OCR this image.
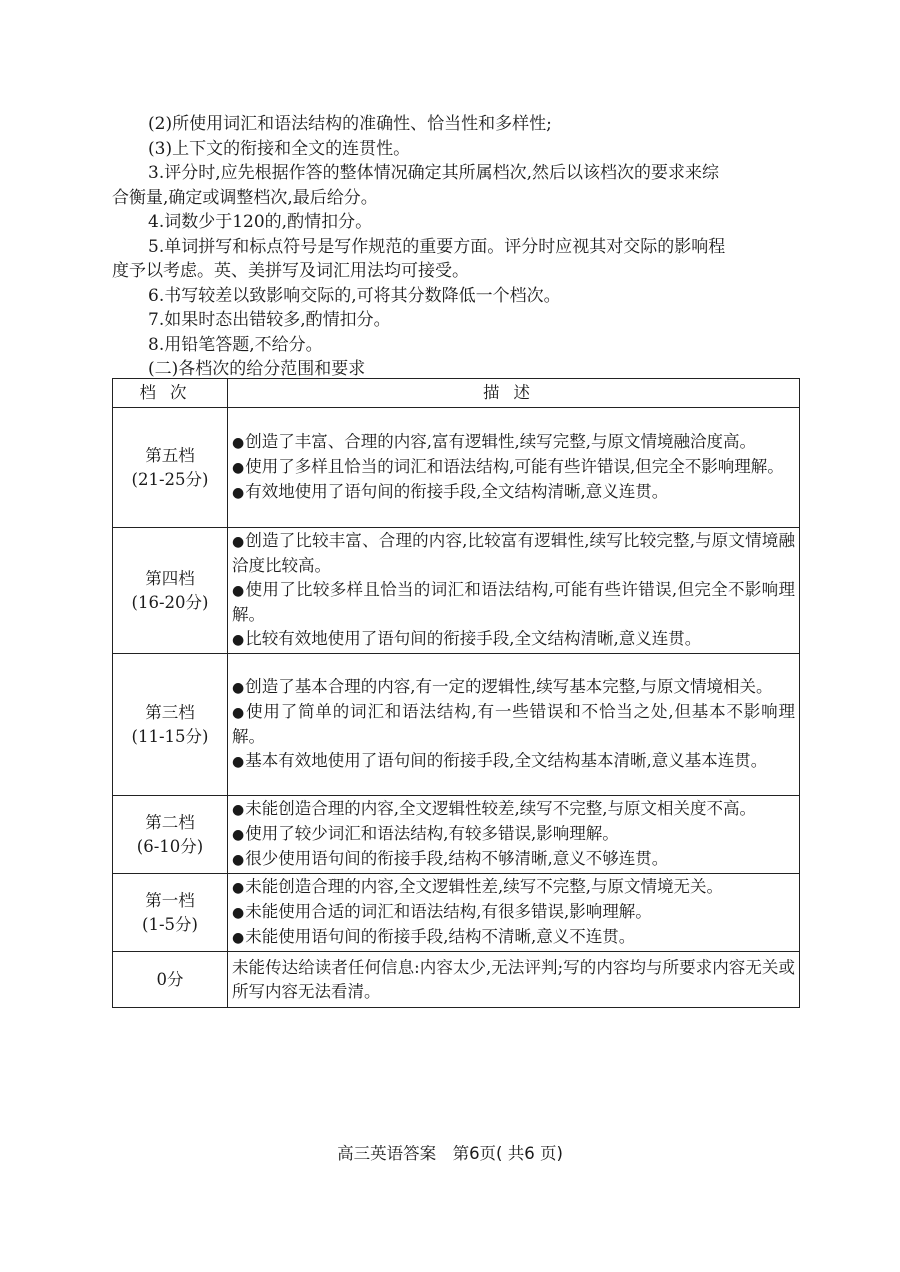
(2)所使用词汇和语法结构的准确性、恰当性和多样性;

(3)上下文的衔接和全文的连贯性。

3.评分时,应先根据作答的整体情况确定其所属档次,然后以该档次的要求来综

合衡量,确定或调整档次,最后给分。

4.词数少于120的,酌情扣分。

5.单词拼写和标点符号是写作规范的重要方面。评分时应视其对交际的影响程

度予以考虑。英、美拼写及词汇用法均可接受。

6.书写较差以致影响交际的,可将其分数降低一个档次。

7.如果时态出错较多,酌情扣分。

8.用铅笔答题,不给分。

(二)各档次的给分范围和要求

档次	描述

第五档
(21-25分)	●创造了丰富、合理的内容,富有逻辑性,续写完整,与原文情境融洽度高。
●使用了多样且恰当的词汇和语法结构,可能有些许错误,但完全不影响理解。
●有效地使用了语句间的衔接手段,全文结构清晰,意义连贯。

第四档
(16-20分)	●创造了比较丰富、合理的内容,比较富有逻辑性,续写比较完整,与原文情境融洽度比较高。
●使用了比较多样且恰当的词汇和语法结构,可能有些许错误,但完全不影响理解。
●比较有效地使用了语句间的衔接手段,全文结构清晰,意义连贯。

第三档
(11-15分)	●创造了基本合理的内容,有一定的逻辑性,续写基本完整,与原文情境相关。
●使用了简单的词汇和语法结构,有一些错误和不恰当之处,但基本不影响理解。
●基本有效地使用了语句间的衔接手段,全文结构基本清晰,意义基本连贯。

第二档
(6-10分)	●未能创造合理的内容,全文逻辑性较差,续写不完整,与原文相关度不高。
●使用了较少词汇和语法结构,有较多错误,影响理解。
●很少使用语句间的衔接手段,结构不够清晰,意义不够连贯。

第一档
(1-5分)	●未能创造合理的内容,全文逻辑性差,续写不完整,与原文情境无关。
●未能使用合适的词汇和语法结构,有很多错误,影响理解。
●未能使用语句间的衔接手段,结构不清晰,意义不连贯。

0分	未能传达给读者任何信息:内容太少,无法评判;写的内容均与所要求内容无关或所写内容无法看清。
高三英语答案　第6页( 共6 页)
